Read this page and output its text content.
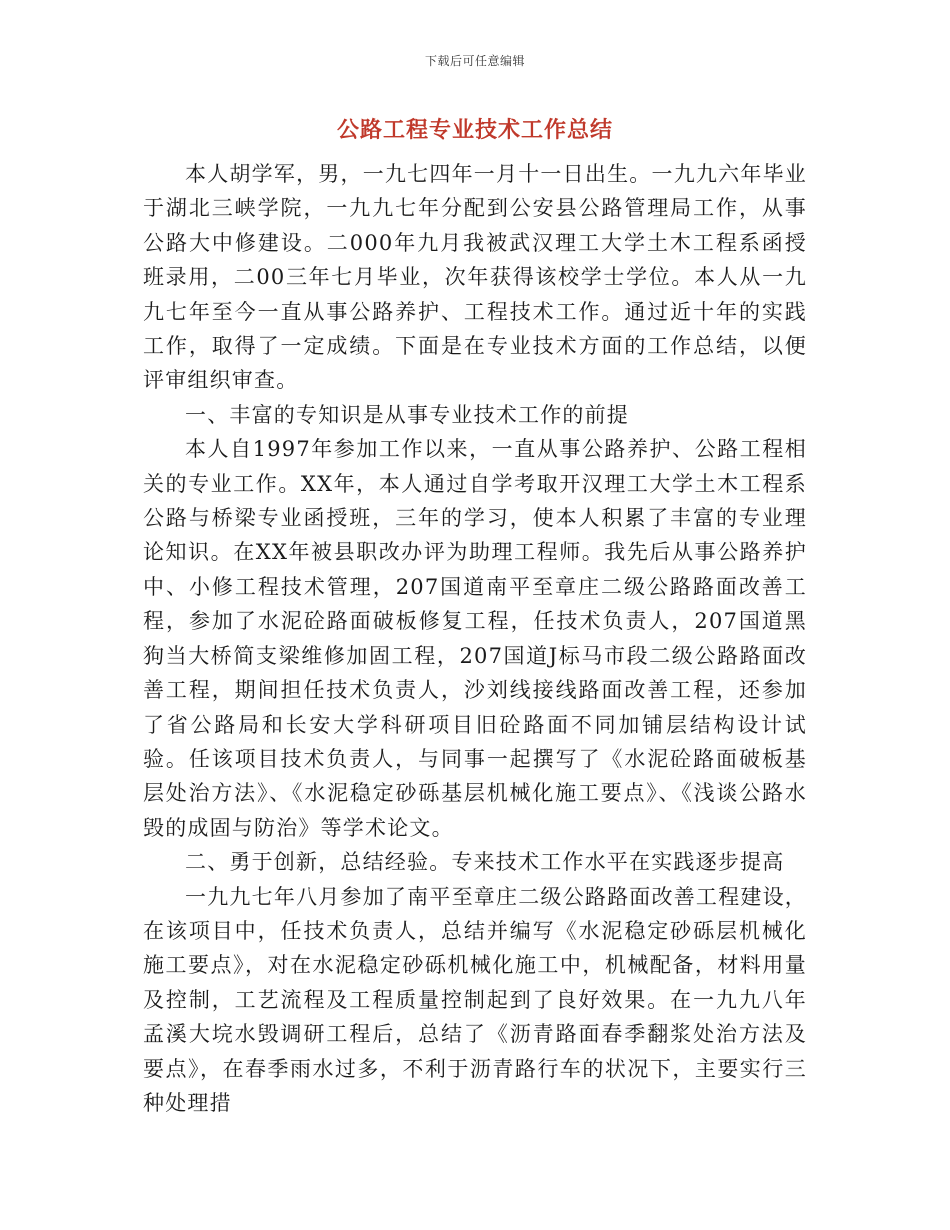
下载后可任意编辑
公路工程专业技术工作总结

本人胡学军，男，一九七四年一月十一日出生。一九九六年毕业于湖北三峡学院，一九九七年分配到公安县公路管理局工作，从事公路大中修建设。二000年九月我被武汉理工大学土木工程系函授班录用，二00三年七月毕业，次年获得该校学士学位。本人从一九九七年至今一直从事公路养护、工程技术工作。通过近十年的实践工作，取得了一定成绩。下面是在专业技术方面的工作总结，以便评审组织审查。

一、丰富的专知识是从事专业技术工作的前提

本人自1997年参加工作以来，一直从事公路养护、公路工程相关的专业工作。XX年，本人通过自学考取开汉理工大学土木工程系公路与桥梁专业函授班，三年的学习，使本人积累了丰富的专业理论知识。在XX年被县职改办评为助理工程师。我先后从事公路养护中、小修工程技术管理，207国道南平至章庄二级公路路面改善工程，参加了水泥砼路面破板修复工程，任技术负责人，207国道黑狗当大桥简支梁维修加固工程，207国道J标马市段二级公路路面改善工程，期间担任技术负责人，沙刘线接线路面改善工程，还参加了省公路局和长安大学科研项目旧砼路面不同加铺层结构设计试验。任该项目技术负责人，与同事一起撰写了《水泥砼路面破板基层处治方法》、《水泥稳定砂砾基层机械化施工要点》、《浅谈公路水毁的成固与防治》等学术论文。

二、勇于创新，总结经验。专来技术工作水平在实践逐步提高

一九九七年八月参加了南平至章庄二级公路路面改善工程建设，在该项目中，任技术负责人，总结并编写《水泥稳定砂砾层机械化施工要点》，对在水泥稳定砂砾机械化施工中，机械配备，材料用量及控制，工艺流程及工程质量控制起到了良好效果。在一九九八年孟溪大垸水毁调研工程后，总结了《沥青路面春季翻浆处治方法及要点》，在春季雨水过多，不利于沥青路行车的状况下，主要实行三种处理措
